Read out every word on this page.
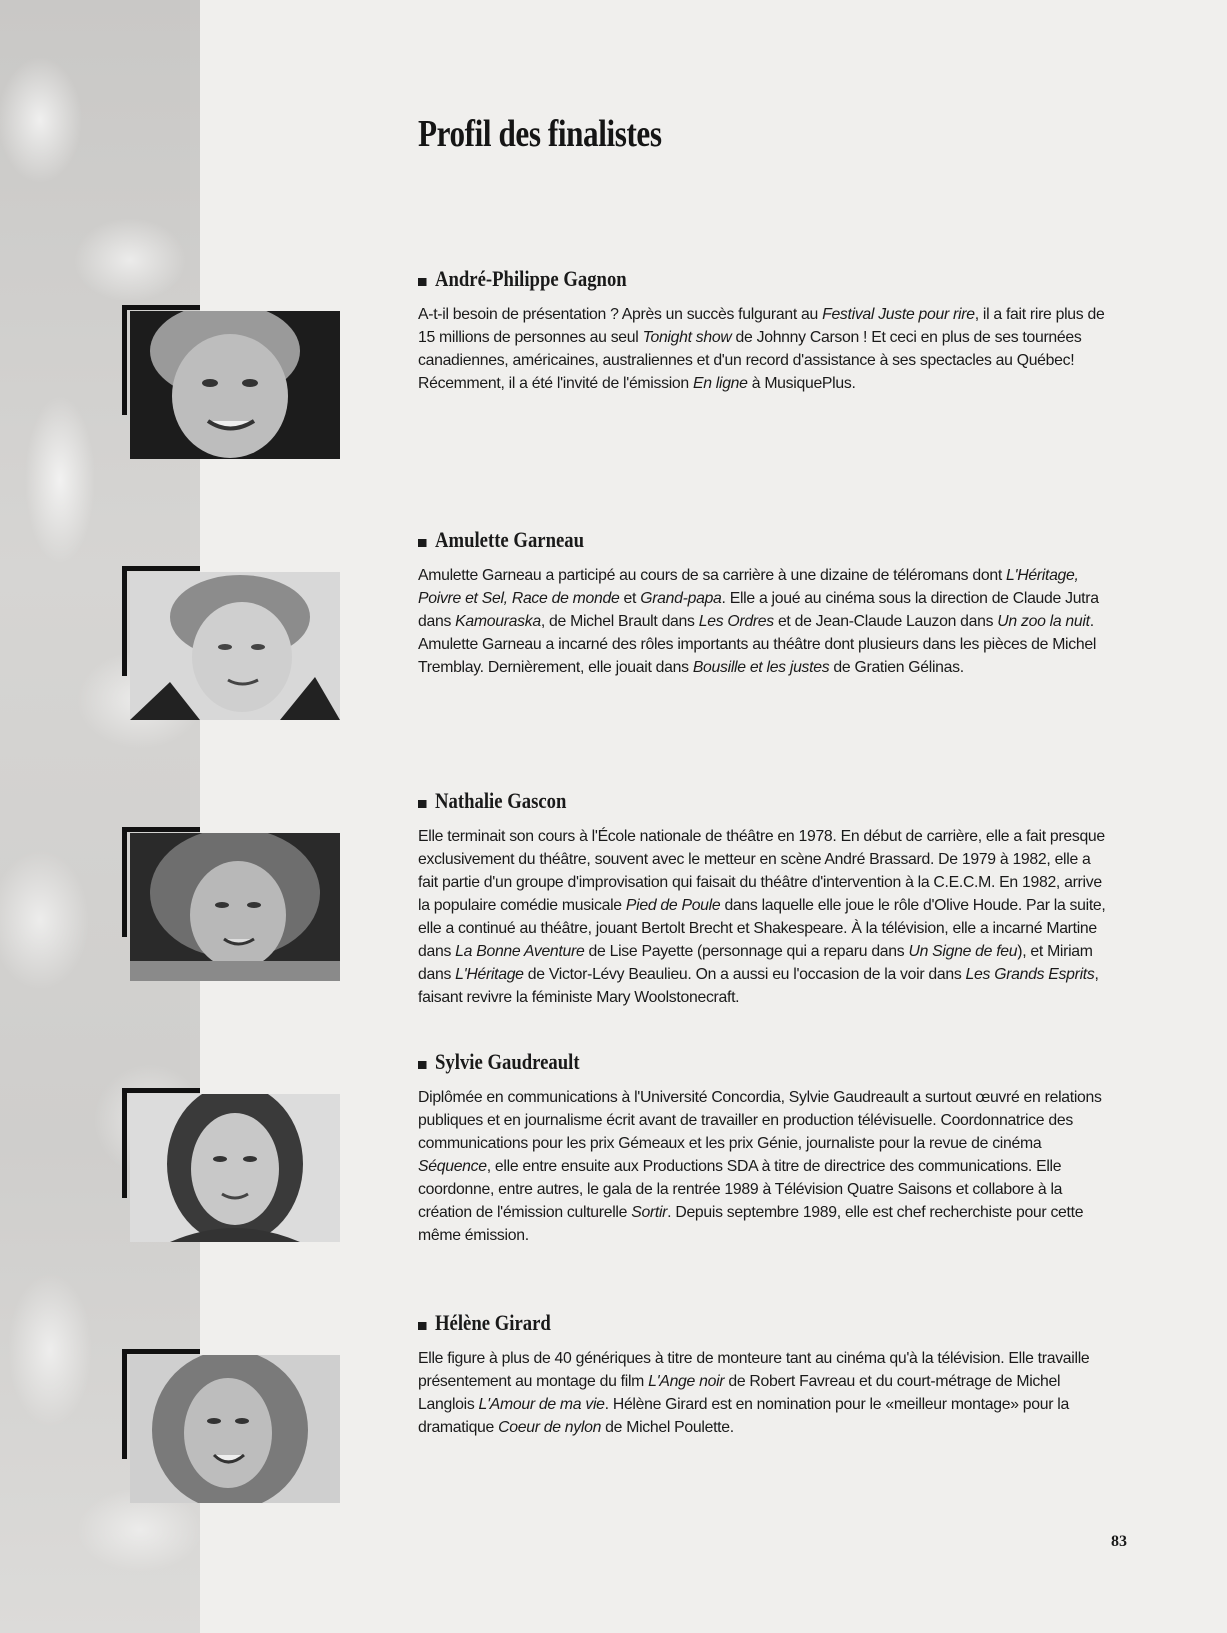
Profil des finalistes
André-Philippe Gagnon

A-t-il besoin de présentation ? Après un succès fulgurant au Festival Juste pour rire, il a fait rire plus de 15 millions de personnes au seul Tonight show de Johnny Carson ! Et ceci en plus de ses tournées canadiennes, américaines, australiennes et d'un record d'assistance à ses spectacles au Québec! Récemment, il a été l'invité de l'émission En ligne à MusiquePlus.

Amulette Garneau

Amulette Garneau a participé au cours de sa carrière à une dizaine de téléromans dont L'Héritage, Poivre et Sel, Race de monde et Grand-papa. Elle a joué au cinéma sous la direction de Claude Jutra dans Kamouraska, de Michel Brault dans Les Ordres et de Jean-Claude Lauzon dans Un zoo la nuit. Amulette Garneau a incarné des rôles importants au théâtre dont plusieurs dans les pièces de Michel Tremblay. Dernièrement, elle jouait dans Bousille et les justes de Gratien Gélinas.

Nathalie Gascon

Elle terminait son cours à l'École nationale de théâtre en 1978. En début de carrière, elle a fait presque exclusivement du théâtre, souvent avec le metteur en scène André Brassard. De 1979 à 1982, elle a fait partie d'un groupe d'improvisation qui faisait du théâtre d'intervention à la C.E.C.M. En 1982, arrive la populaire comédie musicale Pied de Poule dans laquelle elle joue le rôle d'Olive Houde. Par la suite, elle a continué au théâtre, jouant Bertolt Brecht et Shakespeare. À la télévision, elle a incarné Martine dans La Bonne Aventure de Lise Payette (personnage qui a reparu dans Un Signe de feu), et Miriam dans L'Héritage de Victor-Lévy Beaulieu. On a aussi eu l'occasion de la voir dans Les Grands Esprits, faisant revivre la féministe Mary Woolstonecraft.

Sylvie Gaudreault

Diplômée en communications à l'Université Concordia, Sylvie Gaudreault a surtout œuvré en relations publiques et en journalisme écrit avant de travailler en production télévisuelle. Coordonnatrice des communications pour les prix Gémeaux et les prix Génie, journaliste pour la revue de cinéma Séquence, elle entre ensuite aux Productions SDA à titre de directrice des communications. Elle coordonne, entre autres, le gala de la rentrée 1989 à Télévision Quatre Saisons et collabore à la création de l'émission culturelle Sortir. Depuis septembre 1989, elle est chef recherchiste pour cette même émission.

Hélène Girard

Elle figure à plus de 40 génériques à titre de monteure tant au cinéma qu'à la télévision. Elle travaille présentement au montage du film L'Ange noir de Robert Favreau et du court-métrage de Michel Langlois L'Amour de ma vie. Hélène Girard est en nomination pour le «meilleur montage» pour la dramatique Coeur de nylon de Michel Poulette.

83
